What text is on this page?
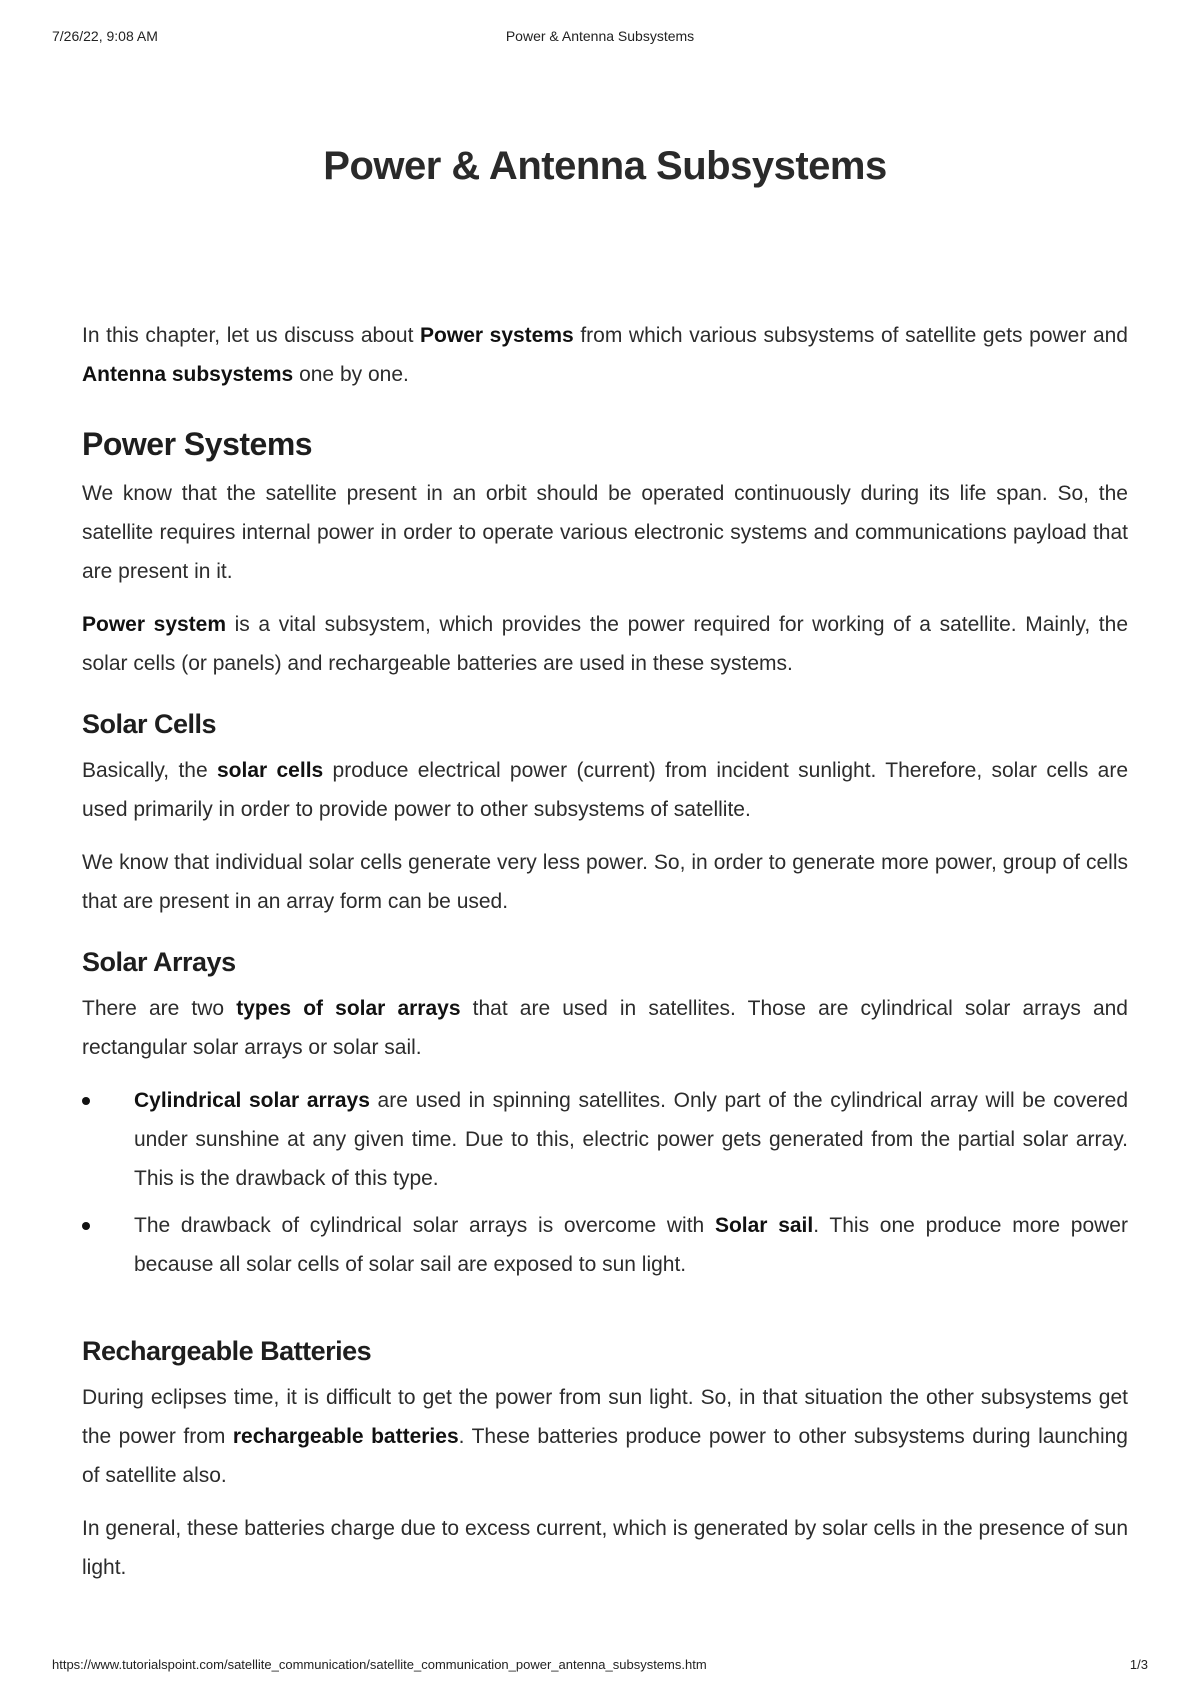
7/26/22, 9:08 AM	Power & Antenna Subsystems
Power & Antenna Subsystems

In this chapter, let us discuss about Power systems from which various subsystems of satellite gets power and Antenna subsystems one by one.

Power Systems

We know that the satellite present in an orbit should be operated continuously during its life span. So, the satellite requires internal power in order to operate various electronic systems and communications payload that are present in it.

Power system is a vital subsystem, which provides the power required for working of a satellite. Mainly, the solar cells (or panels) and rechargeable batteries are used in these systems.

Solar Cells

Basically, the solar cells produce electrical power (current) from incident sunlight. Therefore, solar cells are used primarily in order to provide power to other subsystems of satellite.

We know that individual solar cells generate very less power. So, in order to generate more power, group of cells that are present in an array form can be used.

Solar Arrays

There are two types of solar arrays that are used in satellites. Those are cylindrical solar arrays and rectangular solar arrays or solar sail.

Cylindrical solar arrays are used in spinning satellites. Only part of the cylindrical array will be covered under sunshine at any given time. Due to this, electric power gets generated from the partial solar array. This is the drawback of this type.
The drawback of cylindrical solar arrays is overcome with Solar sail. This one produce more power because all solar cells of solar sail are exposed to sun light.
Rechargeable Batteries

During eclipses time, it is difficult to get the power from sun light. So, in that situation the other subsystems get the power from rechargeable batteries. These batteries produce power to other subsystems during launching of satellite also.

In general, these batteries charge due to excess current, which is generated by solar cells in the presence of sun light.

https://www.tutorialspoint.com/satellite_communication/satellite_communication_power_antenna_subsystems.htm	1/3
